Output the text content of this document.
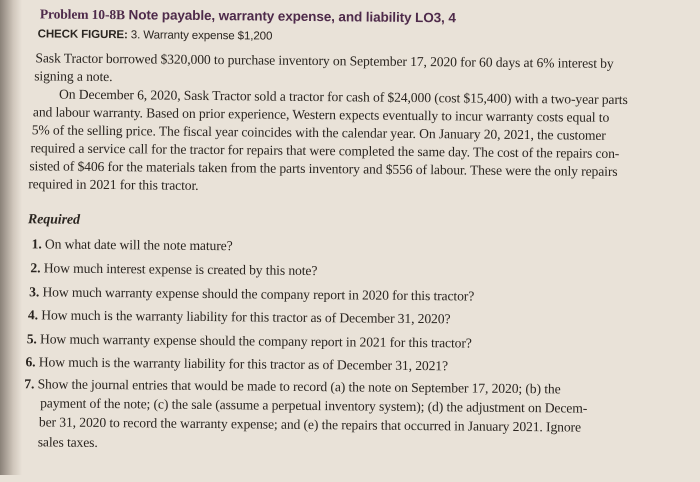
Problem 10-8B Note payable, warranty expense, and liability LO3, 4
CHECK FIGURE: 3. Warranty expense $1,200
Sask Tractor borrowed $320,000 to purchase inventory on September 17, 2020 for 60 days at 6% interest by
signing a note.
On December 6, 2020, Sask Tractor sold a tractor for cash of $24,000 (cost $15,400) with a two-year parts
and labour warranty. Based on prior experience, Western expects eventually to incur warranty costs equal to
5% of the selling price. The fiscal year coincides with the calendar year. On January 20, 2021, the customer
required a service call for the tractor for repairs that were completed the same day. The cost of the repairs con-
sisted of $406 for the materials taken from the parts inventory and $556 of labour. These were the only repairs
required in 2021 for this tractor.
Required
1. On what date will the note mature?
2. How much interest expense is created by this note?
3. How much warranty expense should the company report in 2020 for this tractor?
4. How much is the warranty liability for this tractor as of December 31, 2020?
5. How much warranty expense should the company report in 2021 for this tractor?
6. How much is the warranty liability for this tractor as of December 31, 2021?
7. Show the journal entries that would be made to record (a) the note on September 17, 2020; (b) the
payment of the note; (c) the sale (assume a perpetual inventory system); (d) the adjustment on Decem-
ber 31, 2020 to record the warranty expense; and (e) the repairs that occurred in January 2021. Ignore
sales taxes.
